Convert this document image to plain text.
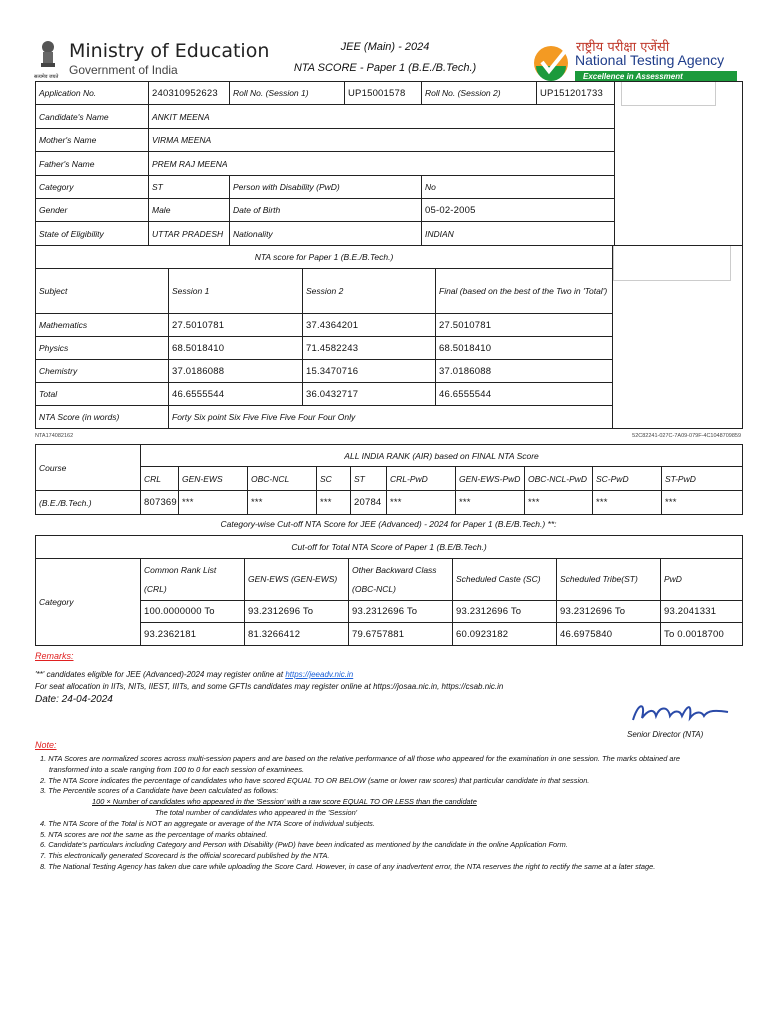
सत्यमेव जयते
Ministry of Education
Government of India
JEE (Main) - 2024
NTA SCORE - Paper 1 (B.E./B.Tech.)
राष्ट्रीय परीक्षा एजेंसी
National Testing Agency
Excellence in Assessment
Application No.	240310952623	Roll No. (Session 1)	UP15001578	Roll No. (Session 2)	UP151201733	

Candidate's Name	ANKIT MEENA					
Mother's Name	VIRMA MEENA					
Father's Name	PREM RAJ MEENA					
Category	ST	Person with Disability (PwD)		No		
Gender	Male	Date of Birth		05-02-2005		
State of Eligibility	UTTAR PRADESH	Nationality		INDIAN		
NTA score for Paper 1 (B.E./B.Tech.)				

Subject	Session 1	Session 2	Final (based on the best of the Two in 'Total')	
Mathematics	27.5010781	37.4364201	27.5010781	
Physics	68.5018410	71.4582243	68.5018410	
Chemistry	37.0186088	15.3470716	37.0186088	
Total	46.6555544	36.0432717	46.6555544	
NTA Score (in words)	Forty Six point Six Five Five Five Four Four Only			
NTA174082162	52C82241-027C-7A09-079F-4C1048709859
Course	ALL INDIA RANK (AIR) based on FINAL NTA Score									
	CRL	GEN-EWS	OBC-NCL	SC	ST	CRL-PwD	GEN-EWS-PwD	OBC-NCL-PwD	SC-PwD	ST-PwD
(B.E./B.Tech.)	807369	***	***	***	20784	***	***	***	***	***
Category-wise Cut-off NTA Score for JEE (Advanced) - 2024 for Paper 1 (B.E/B.Tech.) **:
Cut-off for Total NTA Score of Paper 1 (B.E/B.Tech.)						
Category	Common Rank List (CRL)	GEN-EWS (GEN-EWS)	Other Backward Class (OBC-NCL)	Scheduled Caste (SC)	Scheduled Tribe(ST)	PwD
	100.0000000 To	93.2312696 To	93.2312696 To	93.2312696 To	93.2312696 To	93.2041331
	93.2362181	81.3266412	79.6757881	60.0923182	46.6975840	To 0.0018700
Remarks:
'**' candidates eligible for JEE (Advanced)-2024 may register online at https://jeeadv.nic.in
For seat allocation in IITs, NITs, IIEST, IIITs, and some GFTIs candidates may register online at https://josaa.nic.in, https://csab.nic.in
Date: 24-04-2024
Senior Director (NTA)
Note:
1. NTA Scores are normalized scores across multi-session papers and are based on the relative performance of all those who appeared for the examination in one session. The marks obtained are
transformed into a scale ranging from 100 to 0 for each session of examinees.
2. The NTA Score indicates the percentage of candidates who have scored EQUAL TO OR BELOW (same or lower raw scores) that particular candidate in that session.
3. The Percentile scores of a Candidate have been calculated as follows:
100 × Number of candidates who appeared in the 'Session' with a raw score EQUAL TO OR LESS than the candidate
The total number of candidates who appeared in the 'Session'
4. The NTA Score of the Total is NOT an aggregate or average of the NTA Score of individual subjects.
5. NTA scores are not the same as the percentage of marks obtained.
6. Candidate's particulars including Category and Person with Disability (PwD) have been indicated as mentioned by the candidate in the online Application Form.
7. This electronically generated Scorecard is the official scorecard published by the NTA.
8. The National Testing Agency has taken due care while uploading the Score Card. However, in case of any inadvertent error, the NTA reserves the right to rectify the same at a later stage.
